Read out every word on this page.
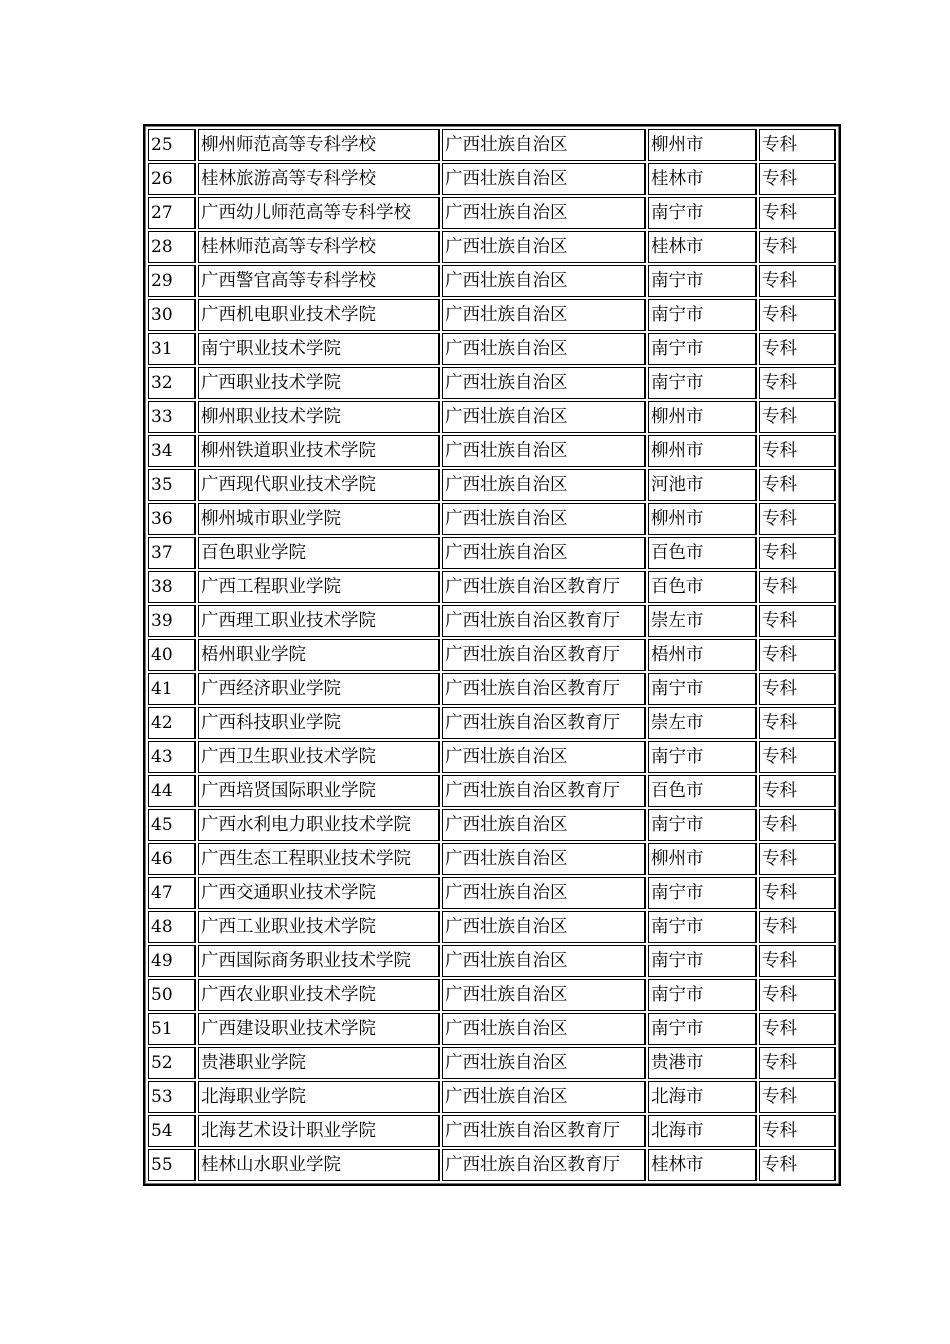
25	柳州师范高等专科学校	广西壮族自治区	柳州市	专科
26	桂林旅游高等专科学校	广西壮族自治区	桂林市	专科
27	广西幼儿师范高等专科学校	广西壮族自治区	南宁市	专科
28	桂林师范高等专科学校	广西壮族自治区	桂林市	专科
29	广西警官高等专科学校	广西壮族自治区	南宁市	专科
30	广西机电职业技术学院	广西壮族自治区	南宁市	专科
31	南宁职业技术学院	广西壮族自治区	南宁市	专科
32	广西职业技术学院	广西壮族自治区	南宁市	专科
33	柳州职业技术学院	广西壮族自治区	柳州市	专科
34	柳州铁道职业技术学院	广西壮族自治区	柳州市	专科
35	广西现代职业技术学院	广西壮族自治区	河池市	专科
36	柳州城市职业学院	广西壮族自治区	柳州市	专科
37	百色职业学院	广西壮族自治区	百色市	专科
38	广西工程职业学院	广西壮族自治区教育厅	百色市	专科
39	广西理工职业技术学院	广西壮族自治区教育厅	崇左市	专科
40	梧州职业学院	广西壮族自治区教育厅	梧州市	专科
41	广西经济职业学院	广西壮族自治区教育厅	南宁市	专科
42	广西科技职业学院	广西壮族自治区教育厅	崇左市	专科
43	广西卫生职业技术学院	广西壮族自治区	南宁市	专科
44	广西培贤国际职业学院	广西壮族自治区教育厅	百色市	专科
45	广西水利电力职业技术学院	广西壮族自治区	南宁市	专科
46	广西生态工程职业技术学院	广西壮族自治区	柳州市	专科
47	广西交通职业技术学院	广西壮族自治区	南宁市	专科
48	广西工业职业技术学院	广西壮族自治区	南宁市	专科
49	广西国际商务职业技术学院	广西壮族自治区	南宁市	专科
50	广西农业职业技术学院	广西壮族自治区	南宁市	专科
51	广西建设职业技术学院	广西壮族自治区	南宁市	专科
52	贵港职业学院	广西壮族自治区	贵港市	专科
53	北海职业学院	广西壮族自治区	北海市	专科
54	北海艺术设计职业学院	广西壮族自治区教育厅	北海市	专科
55	桂林山水职业学院	广西壮族自治区教育厅	桂林市	专科
